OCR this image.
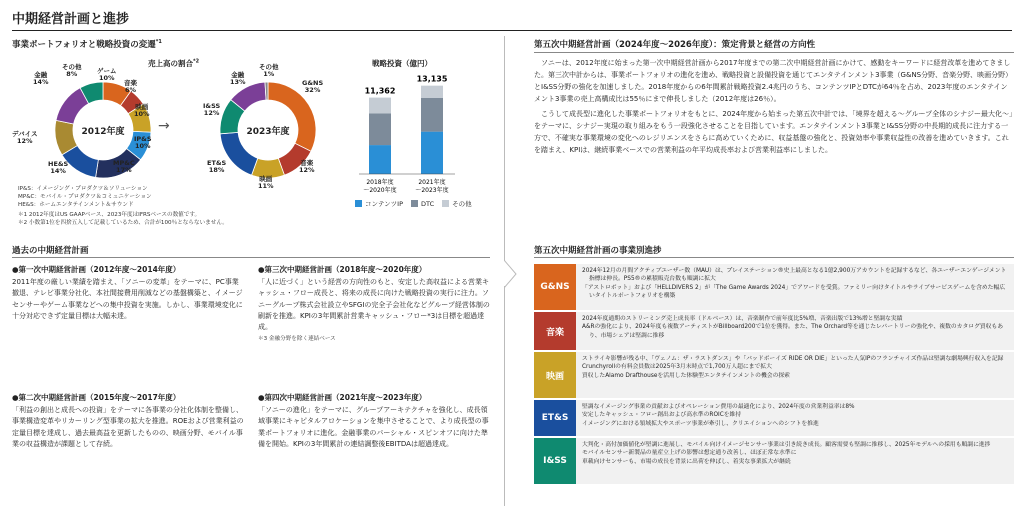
中期経営計画と進捗
事業ポートフォリオと戦略投資の変遷$^{*1}$
売上高の割合$^{*2}$
2012年度
ゲーム
10%
音楽
6%
映画
10%
IP&S
10%
MP&C
17%
HE&S
14%
デバイス
12%
金融
14%
その他
8%
→	2023年度
G&NS
32%
音楽
12%
映画
11%
ET&S
18%
I&SS
12%
金融
13%
その他
1%
戦略投資（億円）
11,362
2018年度
〜2020年度
13,135
2021年度
〜2023年度
コンテンツIP	DTC	その他
IP&S：イメージング・プロダクツ＆ソリューション
MP&C：モバイル・プロダクツ＆コミュニケーション
HE&S：ホームエンタテインメント＆サウンド
＊1 2012年度はUS GAAPベース、2023年度はIFRSベースの数値です。
＊2 小数第1位を四捨五入して記載しているため、合計が100％とならないません。
過去の中期経営計画
●第一次中期経営計画（2012年度〜2014年度）
2011年度の厳しい業績を踏まえ、「ソニーの変革」をテーマに、PC事業撤退、テレビ事業分社化、本社間接費用削減などの基盤構築と、イメージセンサーやゲーム事業などへの集中投資を実施。しかし、事業環境変化に十分対応できず定量目標は大幅未達。
●第二次中期経営計画（2015年度〜2017年度）
「利益の創出と成長への投資」をテーマに各事業の分社化体制を整備し、事業構造変革やリカーリング型事業の拡大を推進。ROEおよび営業利益の定量目標を達成し、過去最高益を更新したものの、映画分野、モバイル事業の収益構造が課題として存続。
●第三次中期経営計画（2018年度〜2020年度）
「人に近づく」という経営の方向性のもと、安定した高収益による営業キャッシュ・フロー成長と、将来の成長に向けた戦略投資の実行に注力。ソニーグループ株式会社設立やSFGIの完全子会社化などグループ経営体制の刷新を推進。KPIの3年間累計営業キャッシュ・フロー*3は目標を超過達成。
＊3 金融分野を除く連結ベース
●第四次中期経営計画（2021年度〜2023年度）
「ソニーの進化」をテーマに、グループアーキテクチャを強化し、成長領域事業にキャピタルアロケーションを集中させることで、より成長型の事業ポートフォリオに進化。金融事業のパーシャル・スピンオフに向けた準備を開始。KPIの3年間累計の連結調整後EBITDAは超過達成。
第五次中期経営計画（2024年度〜2026年度）：策定背景と経営の方向性

ソニーは、2012年度に始まった第一次中期経営計画から2017年度までの第二次中期経営計画にかけて、感動をキーワードに経営改革を進めてきました。第三次中計からは、事業ポートフォリオの進化を進め、戦略投資と設備投資を通じてエンタテインメント3事業（G&NS分野、音楽分野、映画分野）とI&SS分野の強化を加速しました。2018年度からの6年間累計戦略投資2.4兆円のうち、コンテンツIPとDTCが64％を占め、2023年度のエンタテインメント3事業の売上高構成比は55％にまで伸長しました（2012年度は26％）。

こうして成長型に進化した事業ポートフォリオをもとに、2024年度から始まった第五次中計では、「境界を超える〜グループ全体のシナジー最大化〜」をテーマに、シナジー実現の取り組みをもう一段強化させることを目指しています。エンタテインメント3事業とI&SS分野の中長期的成長に注力する一方で、不確実な事業環境の変化へのレジリエンスをさらに高めていくために、収益基盤の強化と、投資効率や事業収益性の改善を進めていきます。これを踏まえ、KPIは、継続事業ベースでの営業利益の年平均成長率および営業利益率にしました。

第五次中期経営計画の事業別進捗
G&NS
2024年12月の月間アクティブユーザー数（MAU）は、プレイステーション®史上最高となる1億2,900万アカウントを記録するなど、各ユーザーエンゲージメント指標は伸長。PS5®の累積販売台数も順調に拡大
「アストロボット」および「HELLDIVERS 2」が「The Game Awards 2024」でアワードを受賞。ファミリー向けタイトルやライブサービスゲームを含めた幅広いタイトルポートフォリオを構築
音楽
2024年度通期のストリーミング売上成長率（ドルベース）は、音楽制作で前年度比5%増、音楽出版で13%増と堅調な実績
A&Rの強化により、2024年度も複数アーティストがBillboard200で1位を獲得。また、The Orchard等を通じたレパートリーの強化や、複数のカタログ買収もあり、市場シェアは堅調に推移
映画
ストライキ影響が残る中、「ヴェノム：ザ・ラストダンス」や「バッドボーイズ RIDE OR DIE」といった人気IPのフランチャイズ作品は堅調な劇場興行収入を記録
Crunchyrollの有料会員数は2025年3月末時点で1,700万人超にまで拡大
買収したAlamo Drafthouseを活用した体験型エンタテインメントの機会の探索
ET&S
堅調なイメージング事業の貢献およびオペレーション費用の最適化により、2024年度の営業利益率は8%
安定したキャッシュ・フロー創出および高水準のROICを維持
イメージングにおける領域拡大やスポーツ事業が牽引し、クリエイションへのシフトを推進
I&SS
大判化・高付加価値化が堅調に進展し、モバイル向けイメージセンサー事業は引き続き成長。顧客需要も堅調に推移し、2025年モデルへの採用も順調に進捗
モバイルセンサー新製品の量産立上げの影響は想定通り改善し、ほぼ正常な水準に
車載向けセンサーも、市場の成長を背景に出荷を伸ばし、着実な事業拡大が継続
